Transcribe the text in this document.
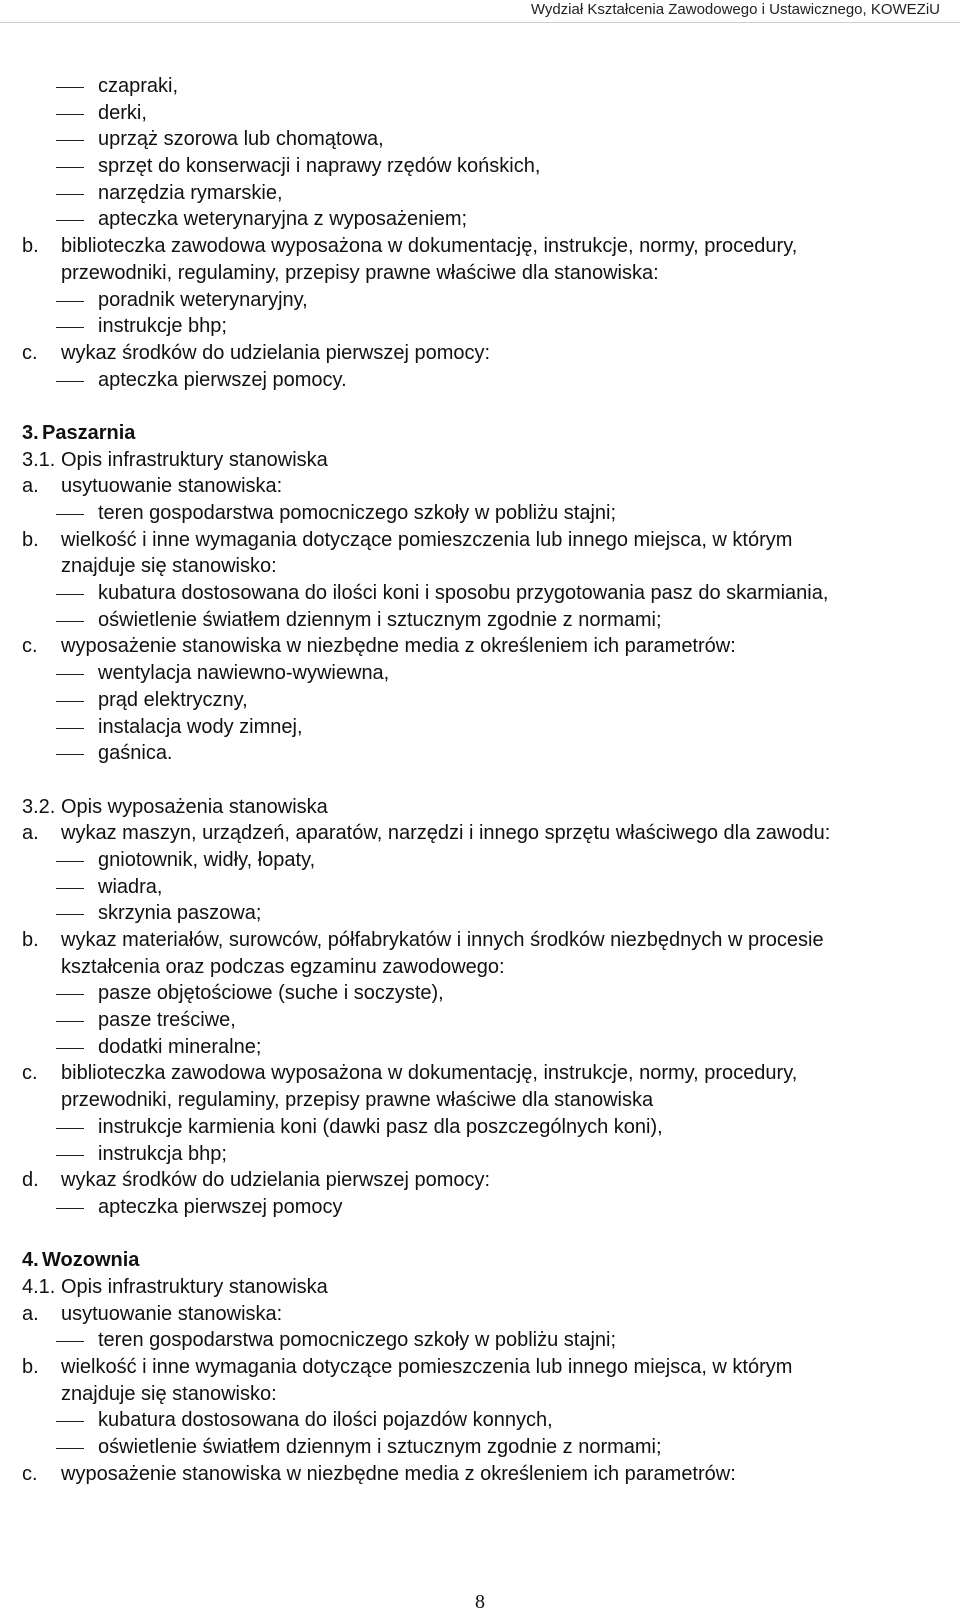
Wydział Kształcenia Zawodowego i Ustawicznego, KOWEZiU
czapraki,
derki,
uprząż szorowa lub chomątowa,
sprzęt do konserwacji i naprawy rzędów końskich,
narzędzia rymarskie,
apteczka weterynaryjna z wyposażeniem;
b. biblioteczka zawodowa wyposażona w dokumentację, instrukcje, normy, procedury,
przewodniki, regulaminy, przepisy prawne właściwe dla stanowiska:
poradnik weterynaryjny,
instrukcje bhp;
c. wykaz środków do udzielania pierwszej pomocy:
apteczka pierwszej pomocy.
3. Paszarnia
3.1. Opis infrastruktury stanowiska
a. usytuowanie stanowiska:
teren gospodarstwa pomocniczego szkoły w pobliżu stajni;
b. wielkość i inne wymagania dotyczące pomieszczenia lub innego miejsca, w którym
znajduje się stanowisko:
kubatura dostosowana do ilości koni i sposobu przygotowania pasz do skarmiania,
oświetlenie światłem dziennym i sztucznym zgodnie z normami;
c. wyposażenie stanowiska w niezbędne media z określeniem ich parametrów:
wentylacja nawiewno-wywiewna,
prąd elektryczny,
instalacja wody zimnej,
gaśnica.
3.2. Opis wyposażenia stanowiska
a. wykaz maszyn, urządzeń, aparatów, narzędzi i innego sprzętu właściwego dla zawodu:
gniotownik, widły, łopaty,
wiadra,
skrzynia paszowa;
b. wykaz materiałów, surowców, półfabrykatów i innych środków niezbędnych w procesie
kształcenia oraz podczas egzaminu zawodowego:
pasze objętościowe (suche i soczyste),
pasze treściwe,
dodatki mineralne;
c. biblioteczka zawodowa wyposażona w dokumentację, instrukcje, normy, procedury,
przewodniki, regulaminy, przepisy prawne właściwe dla stanowiska
instrukcje karmienia koni (dawki pasz dla poszczególnych koni),
instrukcja bhp;
d. wykaz środków do udzielania pierwszej pomocy:
apteczka pierwszej pomocy
4. Wozownia
4.1. Opis infrastruktury stanowiska
a. usytuowanie stanowiska:
teren gospodarstwa pomocniczego szkoły w pobliżu stajni;
b. wielkość i inne wymagania dotyczące pomieszczenia lub innego miejsca, w którym
znajduje się stanowisko:
kubatura dostosowana do ilości pojazdów konnych,
oświetlenie światłem dziennym i sztucznym zgodnie z normami;
c. wyposażenie stanowiska w niezbędne media z określeniem ich parametrów:
8
